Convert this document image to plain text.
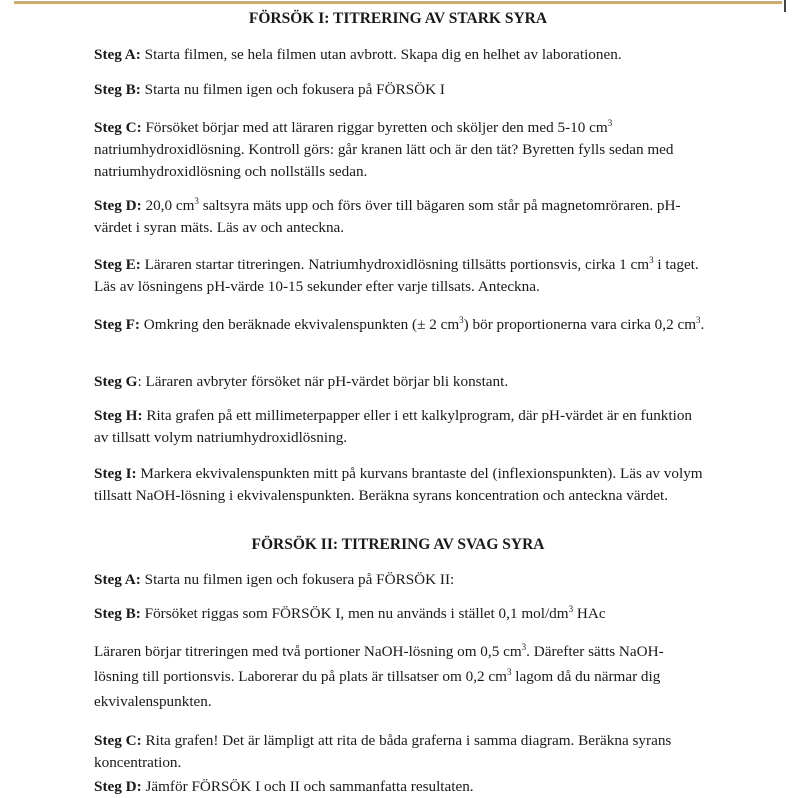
FÖRSÖK I: TITRERING AV STARK SYRA
Steg A: Starta filmen, se hela filmen utan avbrott. Skapa dig en helhet av laborationen.
Steg B: Starta nu filmen igen och fokusera på FÖRSÖK I
Steg C: Försöket börjar med att läraren riggar byretten och sköljer den med 5-10 $cm^3$ natriumhydroxidlösning. Kontroll görs: går kranen lätt och är den tät? Byretten fylls sedan med natriumhydroxidlösning och nollställs sedan.
Steg D: 20,0 $cm^3$ saltsyra mäts upp och förs över till bägaren som står på magnetomröraren. pH-värdet i syran mäts. Läs av och anteckna.
Steg E: Läraren startar titreringen. Natriumhydroxidlösning tillsätts portionsvis, cirka 1 $cm^3$ i taget. Läs av lösningens pH-värde 10-15 sekunder efter varje tillsats. Anteckna.
Steg F: Omkring den beräknade ekvivalenspunkten (± 2 $cm^3$) bör proportionerna vara cirka 0,2 $cm^3$.
Steg G: Läraren avbryter försöket när pH-värdet börjar bli konstant.
Steg H: Rita grafen på ett millimeterpapper eller i ett kalkylprogram, där pH-värdet är en funktion av tillsatt volym natriumhydroxidlösning.
Steg I: Markera ekvivalenspunkten mitt på kurvans brantaste del (inflexionspunkten). Läs av volym tillsatt NaOH-lösning i ekvivalenspunkten. Beräkna syrans koncentration och anteckna värdet.
FÖRSÖK II: TITRERING AV SVAG SYRA
Steg A: Starta nu filmen igen och fokusera på FÖRSÖK II:
Steg B: Försöket riggas som FÖRSÖK I, men nu används i stället 0,1 mol/$dm^3$ HAc
Läraren börjar titreringen med två portioner NaOH-lösning om 0,5 $cm^3$. Därefter sätts NaOH-lösning till portionsvis. Laborerar du på plats är tillsatser om 0,2 $cm^3$ lagom då du närmar dig ekvivalenspunkten.
Steg C: Rita grafen! Det är lämpligt att rita de båda graferna i samma diagram. Beräkna syrans koncentration.
Steg D: Jämför FÖRSÖK I och II och sammanfatta resultaten.
